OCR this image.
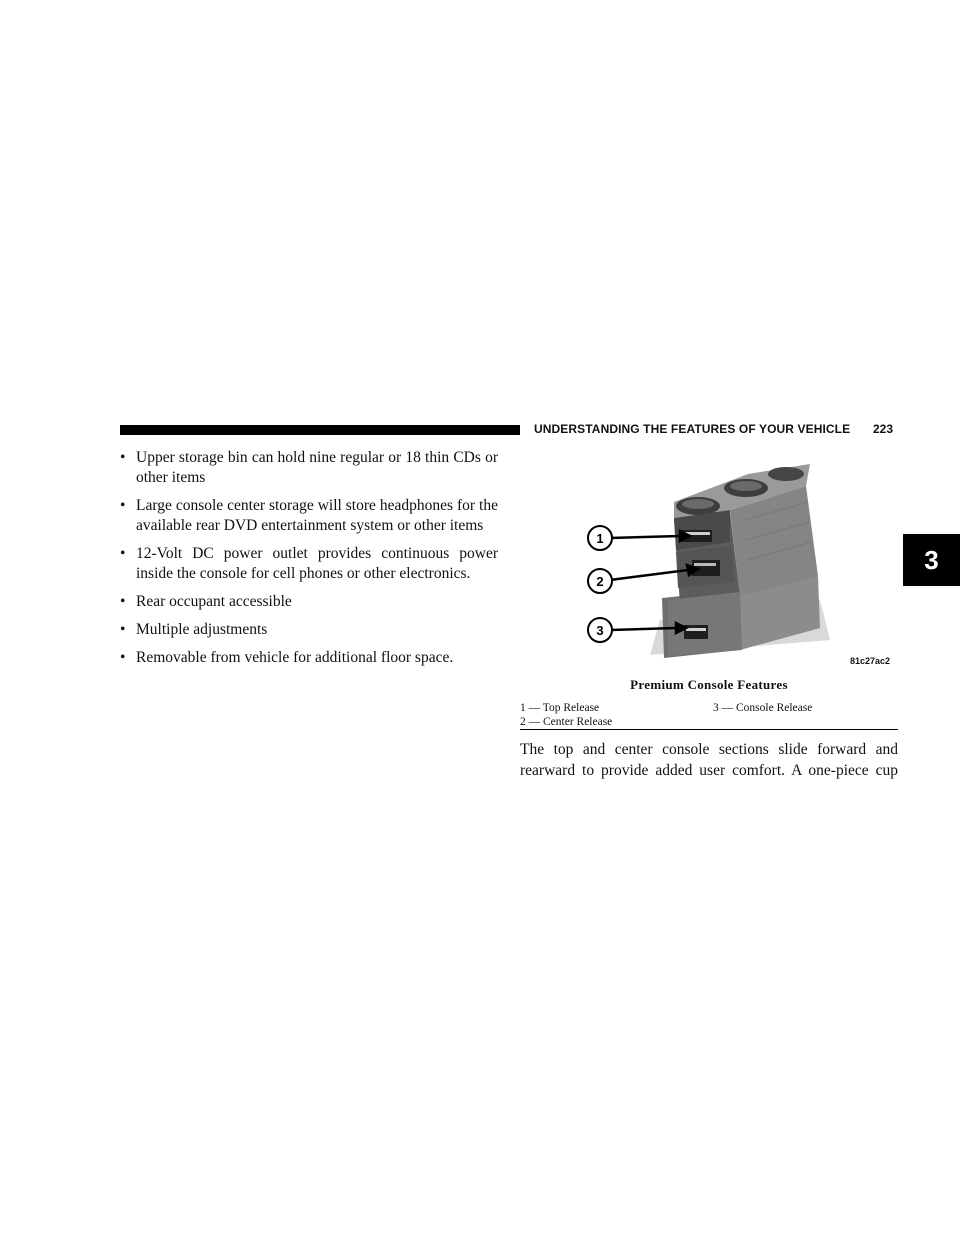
UNDERSTANDING THE FEATURES OF YOUR VEHICLE 223
3
• Upper storage bin can hold nine regular or 18 thin CDs or other items
• Large console center storage will store headphones for the available rear DVD entertainment system or other items
• 12-Volt DC power outlet provides continuous power inside the console for cell phones or other electronics.
• Rear occupant accessible
• Multiple adjustments
• Removable from vehicle for additional floor space.
1
2
3
81c27ac2
Premium Console Features
1 — Top Release
2 — Center Release
3 — Console Release

The top and center console sections slide forward and rearward to provide added user comfort. A one-piece cup
